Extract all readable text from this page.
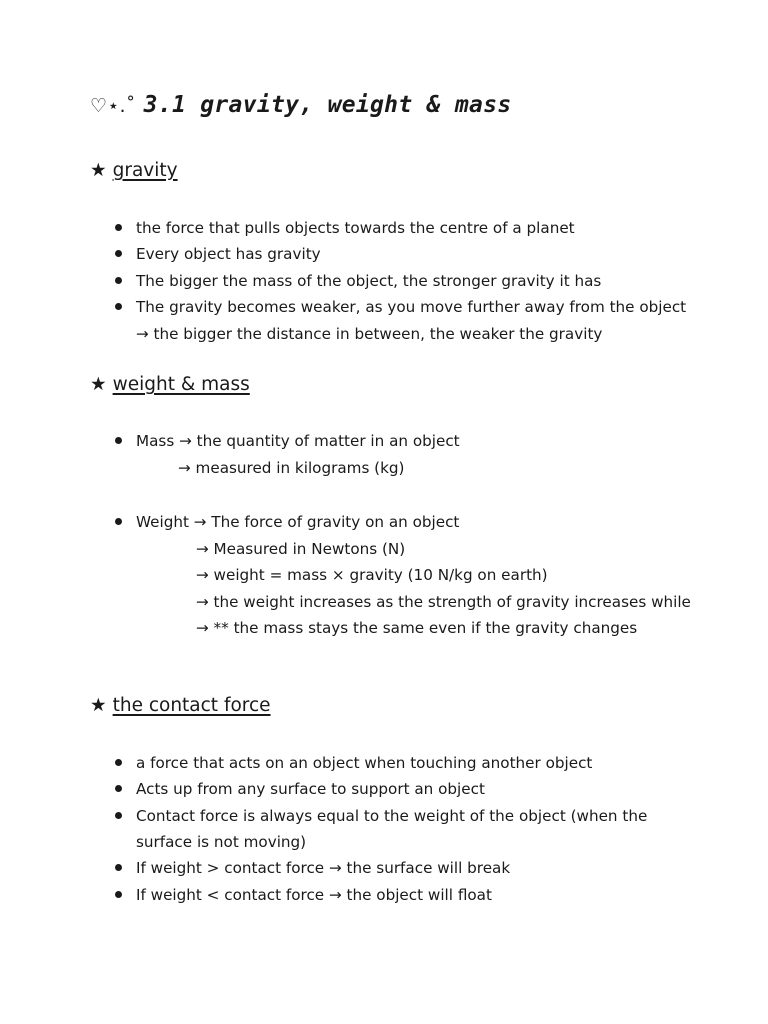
♡⋆.˚ 3.1 gravity, weight & mass
★ gravity
the force that pulls objects towards the centre of a planet
Every object has gravity
The bigger the mass of the object, the stronger gravity it has
The gravity becomes weaker, as you move further away from the object
→ the bigger the distance in between, the weaker the gravity
★ weight & mass
Mass → the quantity of matter in an object
→ measured in kilograms (kg)
Weight → The force of gravity on an object
→ Measured in Newtons (N)
→ weight = mass × gravity (10 N/kg on earth)
→ the weight increases as the strength of gravity increases while
→ ** the mass stays the same even if the gravity changes
★ the contact force
a force that acts on an object when touching another object
Acts up from any surface to support an object
Contact force is always equal to the weight of the object (when the
surface is not moving)
If weight > contact force → the surface will break
If weight < contact force → the object will float
